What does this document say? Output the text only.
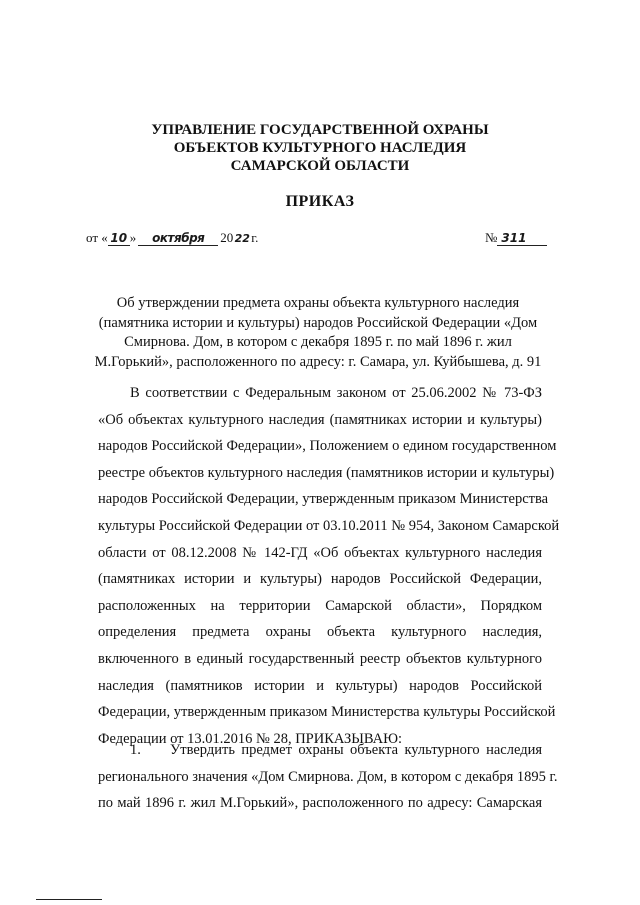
УПРАВЛЕНИЕ ГОСУДАРСТВЕННОЙ ОХРАНЫ
ОБЪЕКТОВ КУЛЬТУРНОГО НАСЛЕДИЯ
САМАРСКОЙ ОБЛАСТИ
ПРИКАЗ
от « 10 » октября 2022г.	№ 311
Об утверждении предмета охраны объекта культурного наследия
(памятника истории и культуры) народов Российской Федерации «Дом
Смирнова. Дом, в котором с декабря 1895 г. по май 1896 г. жил
М.Горький», расположенного по адресу: г. Самара, ул. Куйбышева, д. 91
В соответствии с Федеральным законом от 25.06.2002 № 73-ФЗ
«Об объектах культурного наследия (памятниках истории и культуры)
народов Российской Федерации», Положением о едином государственном
реестре объектов культурного наследия (памятников истории и культуры)
народов Российской Федерации, утвержденным приказом Министерства
культуры Российской Федерации от 03.10.2011 № 954, Законом Самарской
области от 08.12.2008 № 142-ГД «Об объектах культурного наследия
(памятниках истории и культуры) народов Российской Федерации,
расположенных на территории Самарской области», Порядком
определения предмета охраны объекта культурного наследия,
включенного в единый государственный реестр объектов культурного
наследия (памятников истории и культуры) народов Российской
Федерации, утвержденным приказом Министерства культуры Российской
Федерации от 13.01.2016 № 28, ПРИКАЗЫВАЮ:
1. Утвердить предмет охраны объекта культурного наследия
регионального значения «Дом Смирнова. Дом, в котором с декабря 1895 г.
по май 1896 г. жил М.Горький», расположенного по адресу: Самарская
